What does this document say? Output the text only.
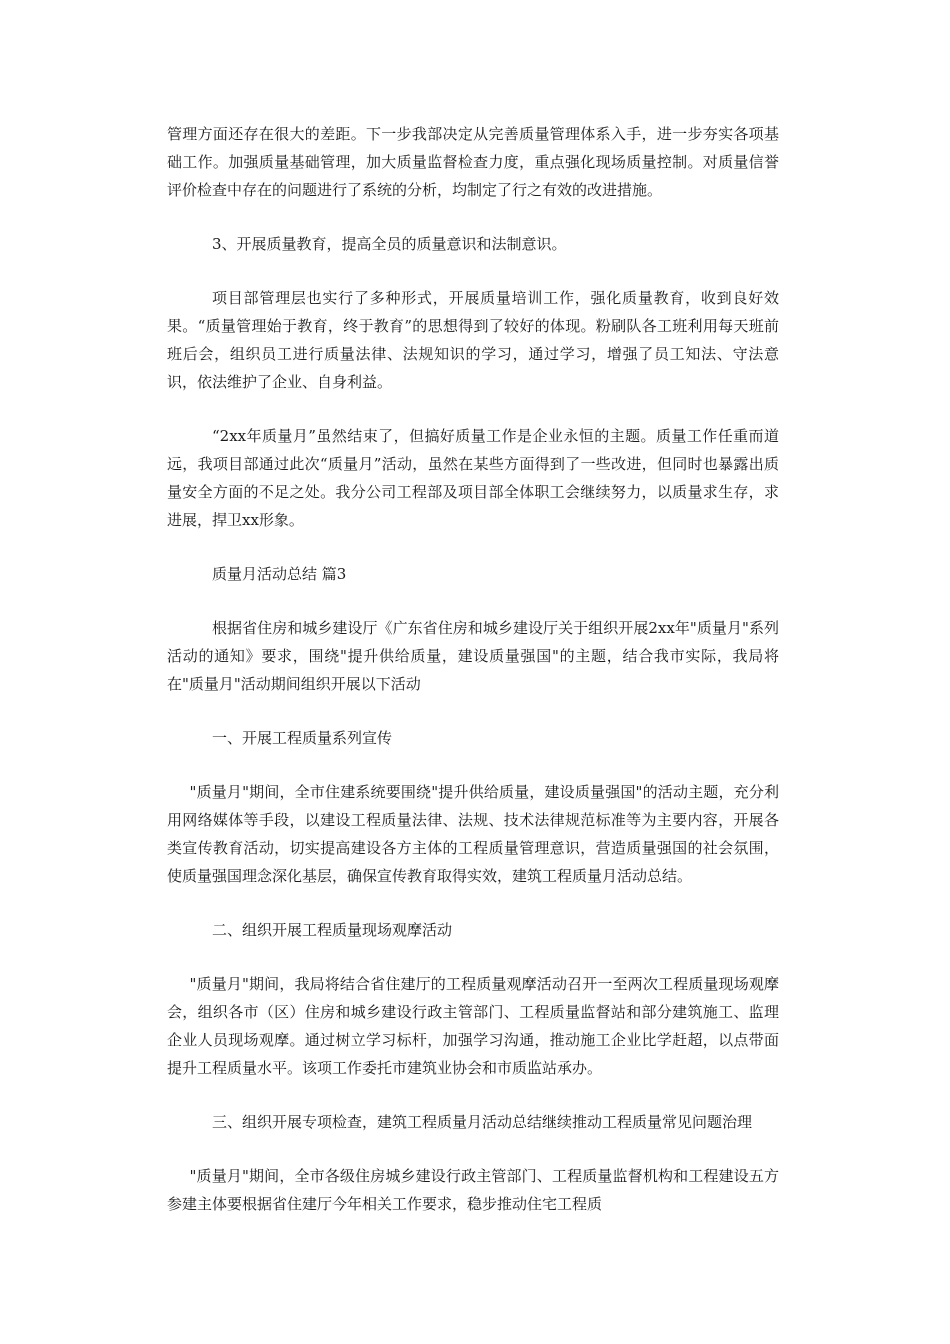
管理方面还存在很大的差距。下一步我部决定从完善质量管理体系入手，进一步夯实各项基础工作。加强质量基础管理，加大质量监督检查力度，重点强化现场质量控制。对质量信誉评价检查中存在的问题进行了系统的分析，均制定了行之有效的改进措施。

3、开展质量教育，提高全员的质量意识和法制意识。

项目部管理层也实行了多种形式，开展质量培训工作，强化质量教育，收到良好效果。“质量管理始于教育，终于教育”的思想得到了较好的体现。粉刷队各工班利用每天班前班后会，组织员工进行质量法律、法规知识的学习，通过学习，增强了员工知法、守法意识，依法维护了企业、自身利益。

“2xx年质量月”虽然结束了，但搞好质量工作是企业永恒的主题。质量工作任重而道远，我项目部通过此次“质量月”活动，虽然在某些方面得到了一些改进，但同时也暴露出质量安全方面的不足之处。我分公司工程部及项目部全体职工会继续努力，以质量求生存，求进展，捍卫xx形象。

质量月活动总结 篇3

根据省住房和城乡建设厅《广东省住房和城乡建设厅关于组织开展2xx年"质量月"系列活动的通知》要求，围绕"提升供给质量，建设质量强国"的主题，结合我市实际，我局将在"质量月"活动期间组织开展以下活动

一、开展工程质量系列宣传

"质量月"期间，全市住建系统要围绕"提升供给质量，建设质量强国"的活动主题，充分利用网络媒体等手段，以建设工程质量法律、法规、技术法律规范标准等为主要内容，开展各类宣传教育活动，切实提高建设各方主体的工程质量管理意识，营造质量强国的社会氛围，使质量强国理念深化基层，确保宣传教育取得实效，建筑工程质量月活动总结。

二、组织开展工程质量现场观摩活动

"质量月"期间，我局将结合省住建厅的工程质量观摩活动召开一至两次工程质量现场观摩会，组织各市（区）住房和城乡建设行政主管部门、工程质量监督站和部分建筑施工、监理企业人员现场观摩。通过树立学习标杆，加强学习沟通，推动施工企业比学赶超，以点带面提升工程质量水平。该项工作委托市建筑业协会和市质监站承办。

三、组织开展专项检查，建筑工程质量月活动总结继续推动工程质量常见问题治理

"质量月"期间，全市各级住房城乡建设行政主管部门、工程质量监督机构和工程建设五方参建主体要根据省住建厅今年相关工作要求，稳步推动住宅工程质
